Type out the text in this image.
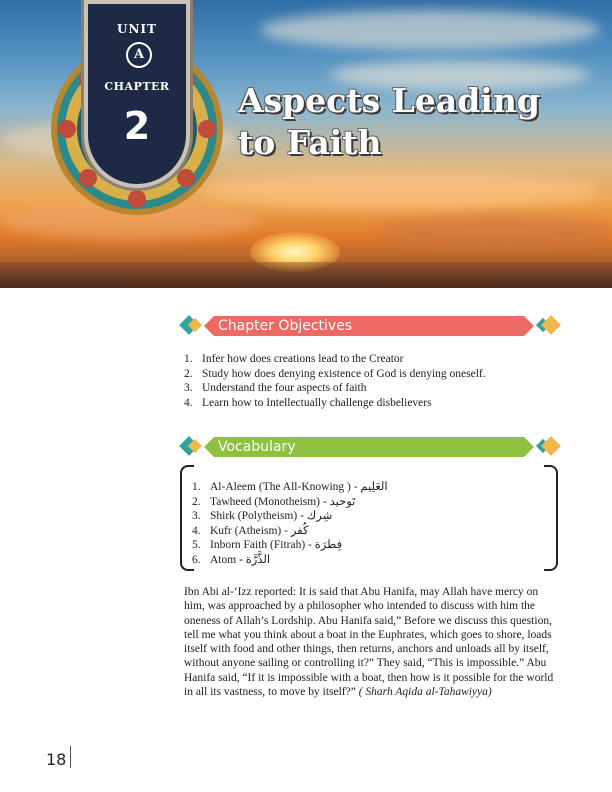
UNIT
A
CHAPTER
2
Aspects Leading
to Faith
Chapter Objectives
1. Infer how does creations lead to the Creator
2. Study how does denying existence of God is denying oneself.
3. Understand the four aspects of faith
4. Learn how to Intellectually challenge disbelievers
Vocabulary
1. Al-Aleem (The All-Knowing ) - العَلِيم
2. Tawheed (Monotheism) - تَوحيد
3. Shirk (Polytheism) - شِرك
4. Kufr (Atheism) - كُفر
5. Inborn Faith (Fitrah) - فِطرَة
6. Atom - الذَّرَّة

Ibn Abi al-‘Izz reported: It is said that Abu Hanifa, may Allah have mercy on him, was approached by a philosopher who intended to discuss with him the oneness of Allah’s Lordship. Abu Hanifa said,” Before we discuss this question, tell me what you think about a boat in the Euphrates, which goes to shore, loads itself with food and other things, then returns, anchors and unloads all by itself, without anyone sailing or controlling it?” They said, “This is impossible.” Abu Hanifa said, “If it is impossible with a boat, then how is it possible for the world in all its vastness, to move by itself?” ( Sharh Aqida al-Tahawiyya)

18
